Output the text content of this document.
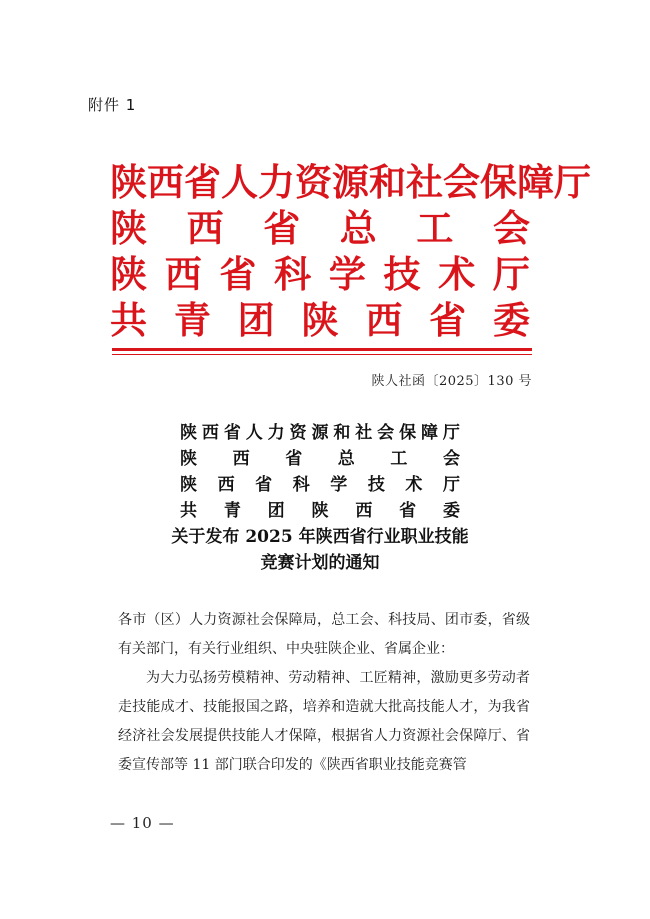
附件 1
陕 西 省 人 力 资 源 和 社 会 保 障 厅
陕 西 省 总 工 会
陕 西 省 科 学 技 术 厅
共 青 团 陕 西 省 委
陕人社函〔2025〕130 号
陕 西 省 人 力 资 源 和 社 会 保 障 厅
陕 西 省 总 工 会
陕 西 省 科 学 技 术 厅
共 青 团 陕 西 省 委
关于发布 2025 年陕西省行业职业技能
竞赛计划的通知

各市（区）人力资源社会保障局，总工会、科技局、团市委，省级有关部门，有关行业组织、中央驻陕企业、省属企业：

为大力弘扬劳模精神、劳动精神、工匠精神，激励更多劳动者走技能成才、技能报国之路，培养和造就大批高技能人才，为我省经济社会发展提供技能人才保障，根据省人力资源社会保障厅、省委宣传部等 11 部门联合印发的《陕西省职业技能竞赛管

— 10 —
